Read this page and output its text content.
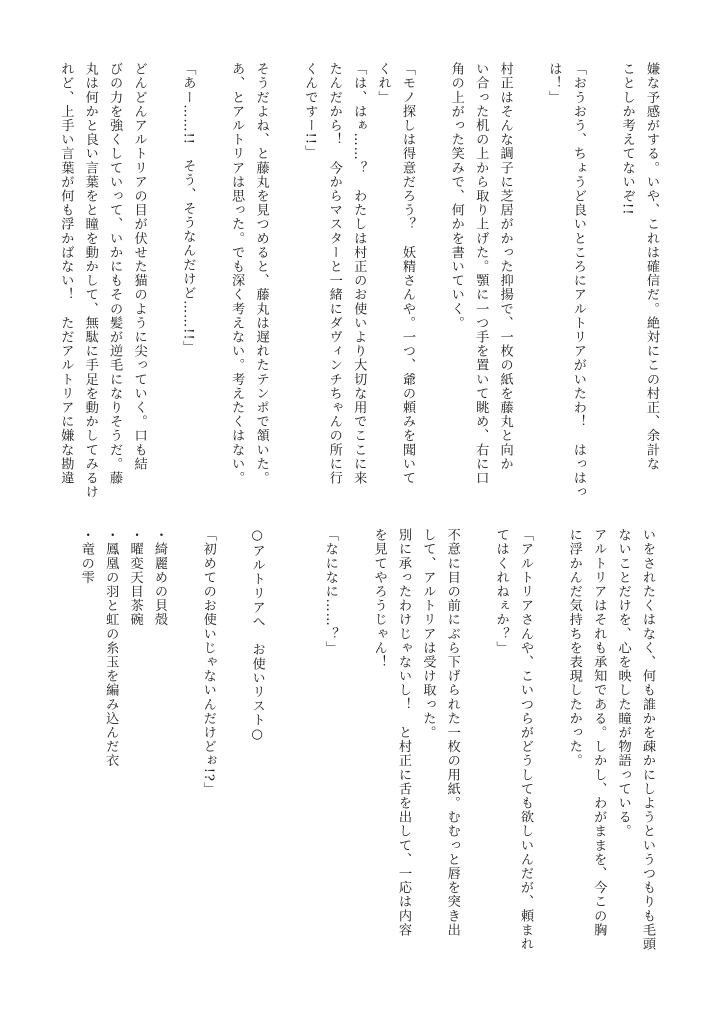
嫌な予感がする。いや、これは確信だ。絶対にこの村正、余計な
ことしか考えてないぞ!!
「おうおう、ちょうど良いところにアルトリアがいたわ！　はっはっ
は！」
村正はそんな調子に芝居がかった抑揚で、一枚の紙を藤丸と向か
い合った机の上から取り上げた。顎に一つ手を置いて眺め、右に口
角の上がった笑みで、何かを書いていく。
「モノ探しは得意だろう？　妖精さんや。一つ、爺の頼みを聞いて
くれ」
「は、はぁ……？　わたしは村正のお使いより大切な用でここに来
たんだから！　今からマスターと一緒にダヴィンチちゃんの所に行
くんですー!!」
そうだよね、と藤丸を見つめると、藤丸は遅れたテンポで頷いた。
あ、とアルトリアは思った。でも深く考えない。考えたくはない。
「あー……!!　そう、そうなんだけど……!!」
どんどんアルトリアの目が伏せた猫のように尖っていく。口も結
びの力を強くしていって、いかにもその髪が逆毛になりそうだ。藤
丸は何かと良い言葉をと瞳を動かして、無駄に手足を動かしてみるけ
れど、上手い言葉が何も浮かばない！　ただアルトリアに嫌な勘違
いをされたくはなく、何も誰かを疎かにしようというつもりも毛頭
ないことだけを、心を映した瞳が物語っている。
アルトリアはそれも承知である。しかし、わがままを、今この胸
に浮かんだ気持ちを表現したかった。
「アルトリアさんや、こいつらがどうしても欲しいんだが、頼まれ
てはくれねぇか？」
不意に目の前にぶら下げられた一枚の用紙。むむっと唇を突き出
して、アルトリアは受け取った。
別に承ったわけじゃないし！　と村正に舌を出して、一応は内容
を見てやろうじゃん！
「なになに……？」
○アルトリアへ　お使いリスト○
「初めてのお使いじゃないんだけどぉ!?」
・綺麗めの貝殻
・曜変天目茶碗
・鳳凰の羽と虹の糸玉を編み込んだ衣
・竜の雫
